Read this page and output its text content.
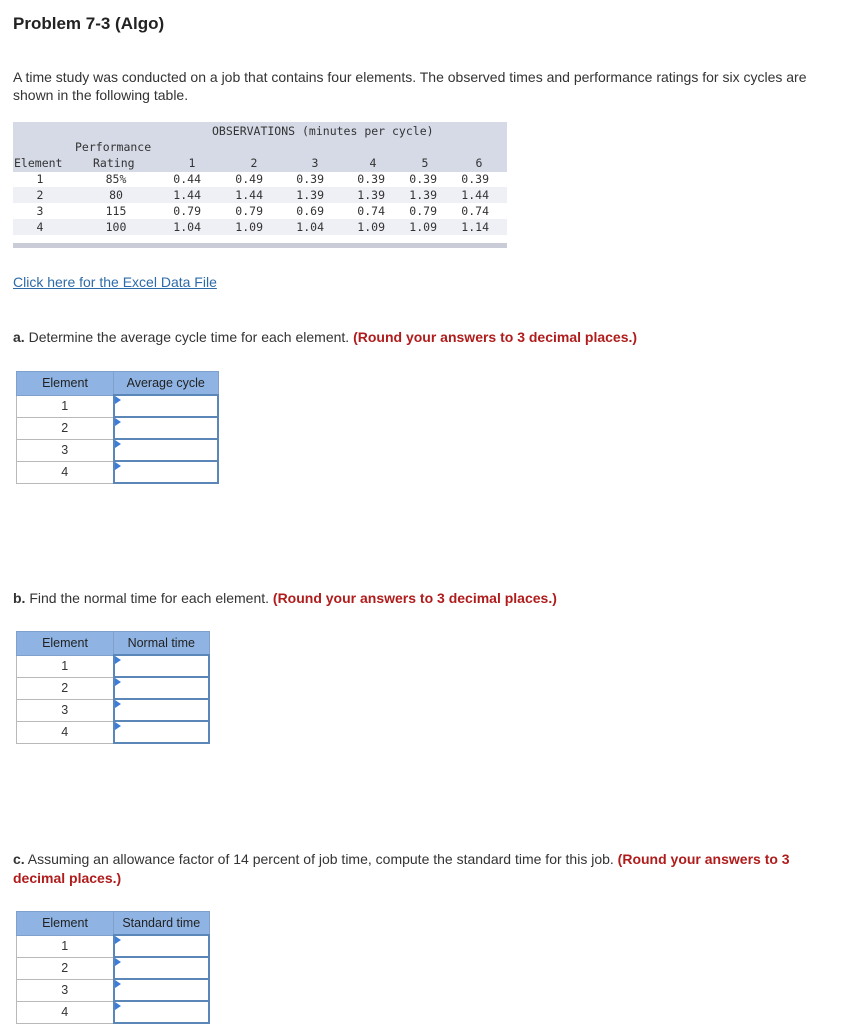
Problem 7-3 (Algo)
A time study was conducted on a job that contains four elements. The observed times and performance ratings for six cycles are shown in the following table.
OBSERVATIONS (minutes per cycle)
Performance
Element	Rating	1	2	3	4	5	6
1	85%	0.44	0.49	0.39	0.39	0.39	0.39
2	80	1.44	1.44	1.39	1.39	1.39	1.44
3	115	0.79	0.79	0.69	0.74	0.79	0.74
4	100	1.04	1.09	1.04	1.09	1.09	1.14
Click here for the Excel Data File
a. Determine the average cycle time for each element. (Round your answers to 3 decimal places.)
Element	Average cycle
1	

2	

3	

4	
b. Find the normal time for each element. (Round your answers to 3 decimal places.)
Element	Normal time
1	

2	

3	

4	
c. Assuming an allowance factor of 14 percent of job time, compute the standard time for this job. (Round your answers to 3 decimal places.)
Element	Standard time
1	

2	

3	

4	
